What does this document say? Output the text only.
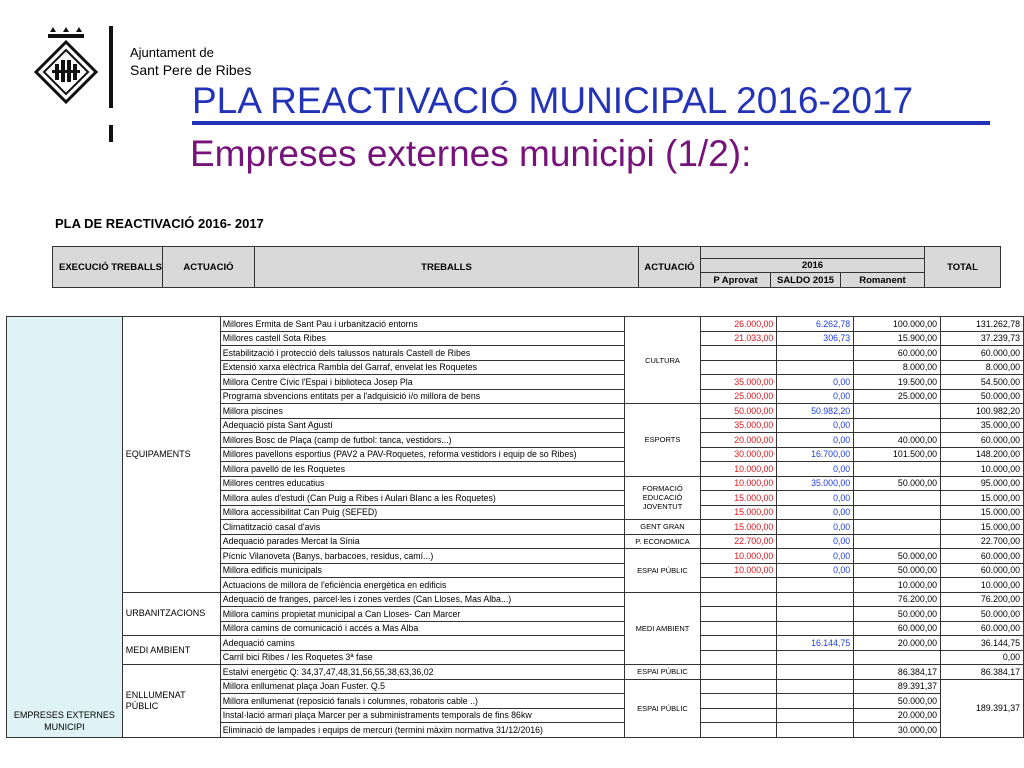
Ajuntament de
Sant Pere de Ribes
PLA REACTIVACIÓ MUNICIPAL 2016-2017
Empreses externes municipi (1/2):
PLA DE REACTIVACIÓ 2016- 2017
EXECUCIÓ TREBALLS	ACTUACIÓ	TREBALLS	ACTUACIÓ				TOTAL
				2016			
				P Aprovat	SALDO 2015	Romanent	
EMPRESES EXTERNES MUNICIPI	EQUIPAMENTS	Millores Ermita de Sant Pau i urbanització entorns	CULTURA	26.000,00	6.262,78	100.000,00	131.262,78
		Millores castell Sota Ribes		21.033,00	306,73	15.900,00	37.239,73
		Estabilització i protecció dels talussos naturals Castell de Ribes				60.000,00	60.000,00
		Extensió xarxa elèctrica Rambla del Garraf, envelat les Roquetes				8.000,00	8.000,00
		Millora Centre Cívic l'Espai i biblioteca Josep Pla		35.000,00	0,00	19.500,00	54.500,00
		Programa sbvencions entitats per a l'adquisició i/o millora de bens		25.000,00	0,00	25.000,00	50.000,00
		Millora piscines	ESPORTS	50.000,00	50.982,20		100.982,20
		Adequació pista Sant Agustí		35.000,00	0,00		35.000,00
		Millores Bosc de Plaça (camp de futbol: tanca, vestidors...)		20.000,00	0,00	40.000,00	60.000,00
		Millores pavellons esportius (PAV2 a PAV-Roquetes, reforma vestidors i equip de so Ribes)		30.000,00	16.700,00	101.500,00	148.200,00
		Millora pavelló de les Roquetes		10.000,00	0,00		10.000,00
		Millores centres educatius	FORMACIÓ EDUCACIÓ JOVENTUT	10.000,00	35.000,00	50.000,00	95.000,00
		Millora aules d'estudi (Can Puig a Ribes i Aulari Blanc a les Roquetes)		15.000,00	0,00		15.000,00
		Millora accessibilitat Can Puig (SEFED)		15.000,00	0,00		15.000,00
		Climatització casal d'avis	GENT GRAN	15.000,00	0,00		15.000,00
		Adequació parades Mercat la Sínia	P. ECONOMICA	22.700,00	0,00		22.700,00
		Pícnic Vilanoveta (Banys, barbacoes, residus, camí...)	ESPAI PÚBLIC	10.000,00	0,00	50.000,00	60.000,00
		Millora edificis municipals		10.000,00	0,00	50.000,00	60.000,00
		Actuacions de millora de l'eficiència energètica en edificis				10.000,00	10.000,00
	URBANITZACIONS	Adequació de franges, parcel·les i zones verdes (Can Lloses, Mas Alba...)	MEDI AMBIENT			76.200,00	76.200,00
		Millora camins propietat municipal a Can Lloses- Can Marcer				50.000,00	50.000,00
		Millora camins de comunicació i accés a Mas Alba				60.000,00	60.000,00
	MEDI AMBIENT	Adequació camins			16.144,75	20.000,00	36.144,75
		Carril bici Ribes / les Roquetes 3ª fase					0,00
	ENLLUMENAT PÚBLIC	Estalvi energètic Q: 34,37,47,48,31,56,55,38,63,36,02	ESPAI PÚBLIC			86.384,17	86.384,17
		Millora enllumenat plaça Joan Fuster. Q.5	ESPAI PÚBLIC			89.391,37	189.391,37
		Millora enllumenat (reposició fanals i columnes, robatoris cable ..)				50.000,00	
		Instal·lació armari plaça Marcer per a subministraments temporals de fins 86kw				20.000,00	
		Eliminació de lampades i equips de mercuri (termini màxim normativa 31/12/2016)				30.000,00	
